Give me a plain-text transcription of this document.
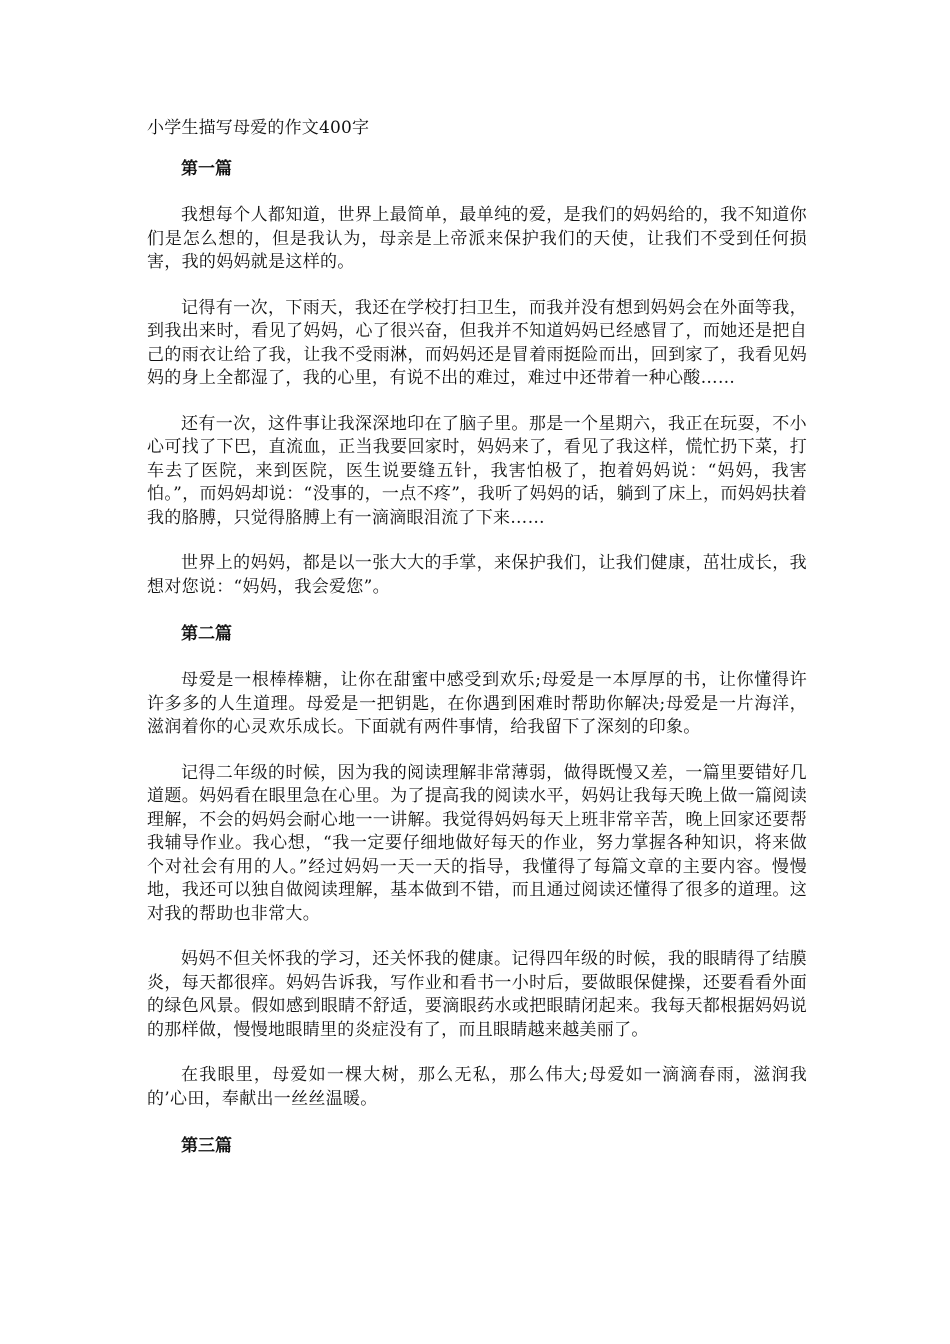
小学生描写母爱的作文400字
第一篇

我想每个人都知道，世界上最简单，最单纯的爱，是我们的妈妈给的，我不知道你们是怎么想的，但是我认为，母亲是上帝派来保护我们的天使，让我们不受到任何损害，我的妈妈就是这样的。

记得有一次，下雨天，我还在学校打扫卫生，而我并没有想到妈妈会在外面等我，到我出来时，看见了妈妈，心了很兴奋，但我并不知道妈妈已经感冒了，而她还是把自己的雨衣让给了我，让我不受雨淋，而妈妈还是冒着雨挺险而出，回到家了，我看见妈妈的身上全都湿了，我的心里，有说不出的难过，难过中还带着一种心酸……

还有一次，这件事让我深深地印在了脑子里。那是一个星期六，我正在玩耍，不小心可找了下巴，直流血，正当我要回家时，妈妈来了，看见了我这样，慌忙扔下菜，打车去了医院，来到医院，医生说要缝五针，我害怕极了，抱着妈妈说：“妈妈，我害怕。”，而妈妈却说：“没事的，一点不疼”，我听了妈妈的话，躺到了床上，而妈妈扶着我的胳膊，只觉得胳膊上有一滴滴眼泪流了下来……

世界上的妈妈，都是以一张大大的手掌，来保护我们，让我们健康，茁壮成长，我想对您说：“妈妈，我会爱您”。

第二篇

母爱是一根棒棒糖，让你在甜蜜中感受到欢乐;母爱是一本厚厚的书，让你懂得许许多多的人生道理。母爱是一把钥匙，在你遇到困难时帮助你解决;母爱是一片海洋，滋润着你的心灵欢乐成长。下面就有两件事情，给我留下了深刻的印象。

记得二年级的时候，因为我的阅读理解非常薄弱，做得既慢又差，一篇里要错好几道题。妈妈看在眼里急在心里。为了提高我的阅读水平，妈妈让我每天晚上做一篇阅读理解，不会的妈妈会耐心地一一讲解。我觉得妈妈每天上班非常辛苦，晚上回家还要帮我辅导作业。我心想，“我一定要仔细地做好每天的作业，努力掌握各种知识，将来做个对社会有用的人。”经过妈妈一天一天的指导，我懂得了每篇文章的主要内容。慢慢地，我还可以独自做阅读理解，基本做到不错，而且通过阅读还懂得了很多的道理。这对我的帮助也非常大。

妈妈不但关怀我的学习，还关怀我的健康。记得四年级的时候，我的眼睛得了结膜炎，每天都很痒。妈妈告诉我，写作业和看书一小时后，要做眼保健操，还要看看外面的绿色风景。假如感到眼睛不舒适，要滴眼药水或把眼睛闭起来。我每天都根据妈妈说的那样做，慢慢地眼睛里的炎症没有了，而且眼睛越来越美丽了。

在我眼里，母爱如一棵大树，那么无私，那么伟大;母爱如一滴滴春雨，滋润我的’心田，奉献出一丝丝温暖。

第三篇
